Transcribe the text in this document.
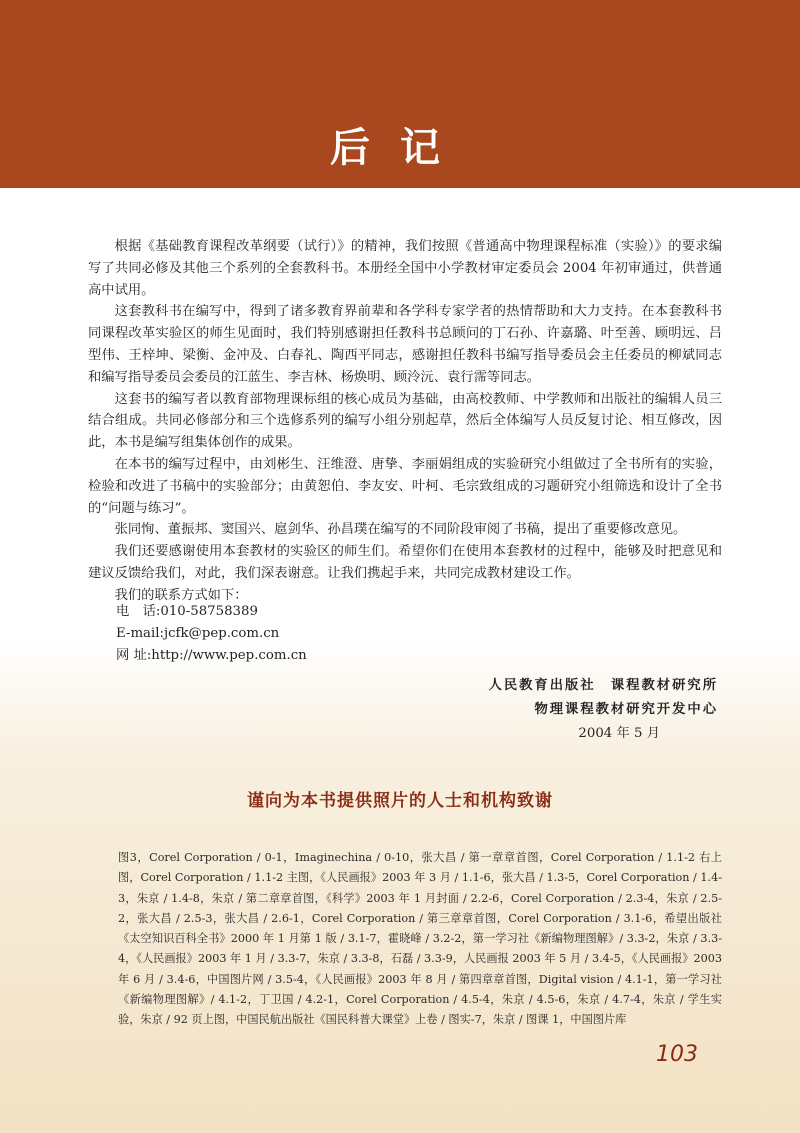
后记

根据《基础教育课程改革纲要（试行）》的精神，我们按照《普通高中物理课程标准（实验）》的要求编写了共同必修及其他三个系列的全套教科书。本册经全国中小学教材审定委员会 2004 年初审通过，供普通高中试用。

这套教科书在编写中，得到了诸多教育界前辈和各学科专家学者的热情帮助和大力支持。在本套教科书同课程改革实验区的师生见面时，我们特别感谢担任教科书总顾问的丁石孙、许嘉璐、叶至善、顾明远、吕型伟、王梓坤、梁衡、金冲及、白春礼、陶西平同志，感谢担任教科书编写指导委员会主任委员的柳斌同志和编写指导委员会委员的江蓝生、李吉林、杨焕明、顾泠沅、袁行霈等同志。

这套书的编写者以教育部物理课标组的核心成员为基础，由高校教师、中学教师和出版社的编辑人员三结合组成。共同必修部分和三个选修系列的编写小组分别起草，然后全体编写人员反复讨论、相互修改，因此，本书是编写组集体创作的成果。

在本书的编写过程中，由刘彬生、汪维澄、唐挚、李丽娟组成的实验研究小组做过了全书所有的实验，检验和改进了书稿中的实验部分；由黄恕伯、李友安、叶柯、毛宗致组成的习题研究小组筛选和设计了全书的“问题与练习”。

张同恂、董振邦、窦国兴、扈剑华、孙昌璞在编写的不同阶段审阅了书稿，提出了重要修改意见。

我们还要感谢使用本套教材的实验区的师生们。希望你们在使用本套教材的过程中，能够及时把意见和建议反馈给我们，对此，我们深表谢意。让我们携起手来，共同完成教材建设工作。

我们的联系方式如下：

电　话:010-58758389
E-mail:jcfk@pep.com.cn
网 址:http://www.pep.com.cn
人民教育出版社　课程教材研究所
物理课程教材研究开发中心
2004 年 5 月
谨向为本书提供照片的人士和机构致谢
图3，Corel Corporation / 0-1，Imaginechina / 0-10，张大昌 / 第一章章首图，Corel Corporation / 1.1-2 右上图，Corel Corporation / 1.1-2 主图，《人民画报》2003 年 3 月 / 1.1-6，张大昌 / 1.3-5，Corel Corporation / 1.4-3，朱京 / 1.4-8，朱京 / 第二章章首图，《科学》2003 年 1 月封面 / 2.2-6，Corel Corporation / 2.3-4，朱京 / 2.5-2，张大昌 / 2.5-3，张大昌 / 2.6-1，Corel Corporation / 第三章章首图，Corel Corporation / 3.1-6，希望出版社《太空知识百科全书》2000 年 1 月第 1 版 / 3.1-7，霍晓峰 / 3.2-2，第一学习社《新编物理图解》/ 3.3-2，朱京 / 3.3-4，《人民画报》2003 年 1 月 / 3.3-7，朱京 / 3.3-8，石磊 / 3.3-9，人民画报 2003 年 5 月 / 3.4-5，《人民画报》2003 年 6 月 / 3.4-6，中国图片网 / 3.5-4，《人民画报》2003 年 8 月 / 第四章章首图，Digital vision / 4.1-1，第一学习社《新编物理图解》/ 4.1-2，丁卫国 / 4.2-1，Corel Corporation / 4.5-4，朱京 / 4.5-6，朱京 / 4.7-4，朱京 / 学生实验，朱京 / 92 页上图，中国民航出版社《国民科普大课堂》上卷 / 图实-7，朱京 / 图课 1，中国图片库
103
